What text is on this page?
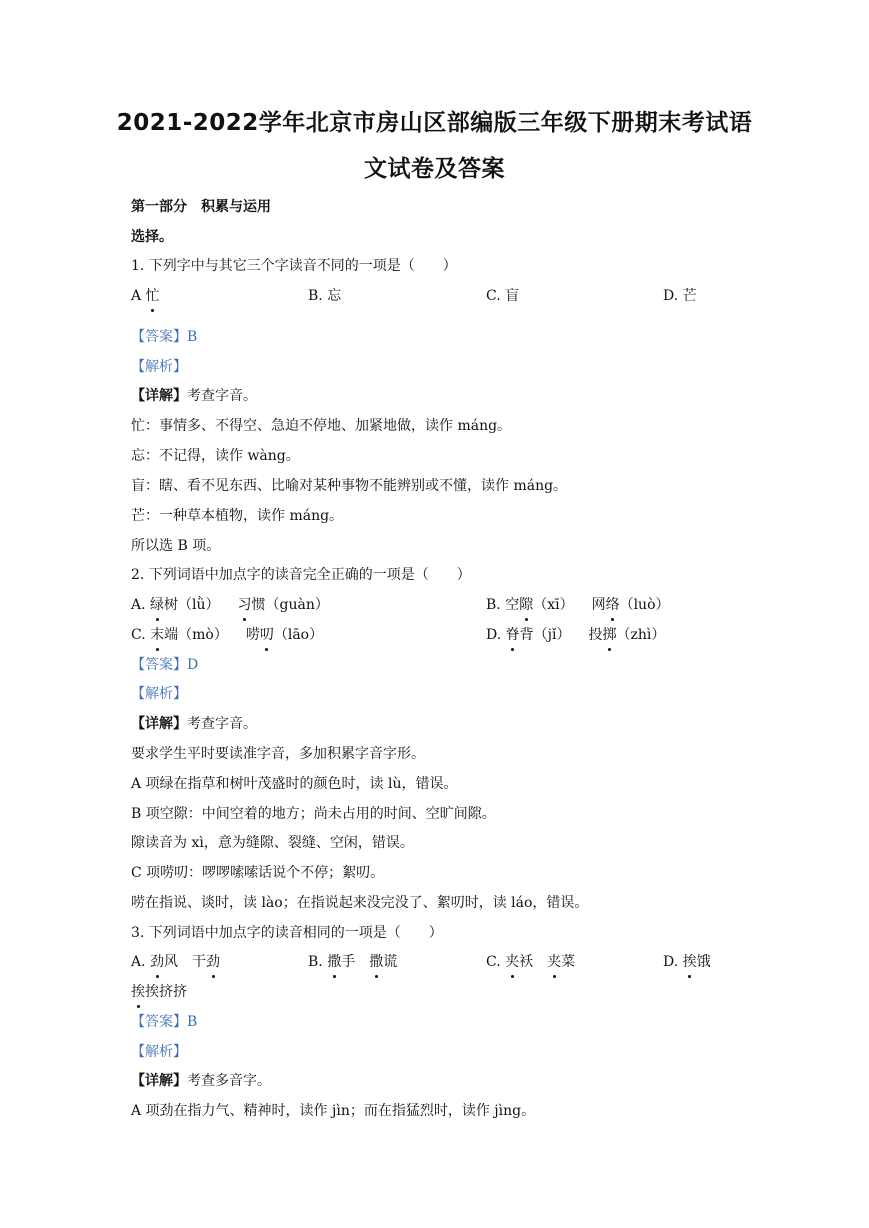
2021-2022学年北京市房山区部编版三年级下册期末考试语
文试卷及答案
第一部分　积累与运用
选择。
1. 下列字中与其它三个字读音不同的一项是（　　）
A 忙	B. 忘	C. 盲	D. 芒
【答案】B
【解析】
【详解】考查字音。
忙：事情多、不得空、急迫不停地、加紧地做，读作 máng。
忘：不记得，读作 wàng。
盲：瞎、看不见东西、比喻对某种事物不能辨别或不懂，读作 máng。
芒：一种草本植物，读作 máng。
所以选 B 项。
2. 下列词语中加点字的读音完全正确的一项是（　　）
A. 绿树（lǜ） 习惯（guàn）	B. 空隙（xī） 网络（luò）
C. 末端（mò） 唠叨（lāo）	D. 脊背（jǐ） 投掷（zhì）
【答案】D
【解析】
【详解】考查字音。
要求学生平时要读准字音，多加积累字音字形。
A 项绿在指草和树叶茂盛时的颜色时，读 lù，错误。
B 项空隙：中间空着的地方；尚未占用的时间、空旷间隙。
隙读音为 xì，意为缝隙、裂缝、空闲，错误。
C 项唠叨：啰啰嗦嗦话说个不停；絮叨。
唠在指说、谈时，读 lào；在指说起来没完没了、絮叨时，读 láo，错误。
3. 下列词语中加点字的读音相同的一项是（　　）
A. 劲风　干劲	B. 撒手　撒谎	C. 夹袄　夹菜	D. 挨饿
挨挨挤挤
【答案】B
【解析】
【详解】考查多音字。
A 项劲在指力气、精神时，读作 jìn；而在指猛烈时，读作 jìng。
